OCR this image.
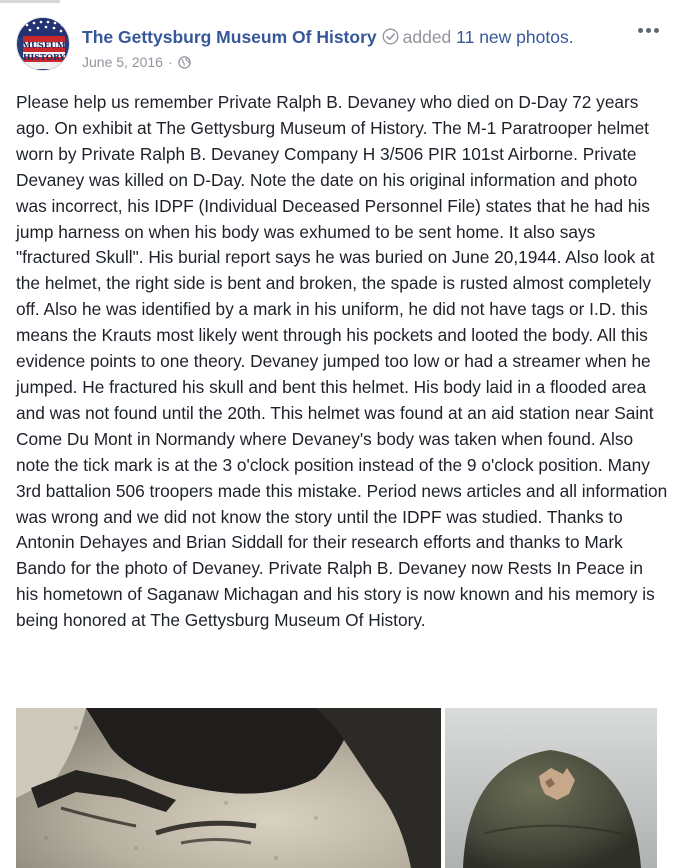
MUSEUM
HISTORY
The Gettysburg Museum Of History added 11 new photos.
June 5, 2016 ·
Please help us remember Private Ralph B. Devaney who died on D-Day 72 years ago. On exhibit at The Gettysburg Museum of History. The M-1 Paratrooper helmet worn by Private Ralph B. Devaney Company H 3/506 PIR 101st Airborne. Private Devaney was killed on D-Day. Note the date on his original information and photo was incorrect, his IDPF (Individual Deceased Personnel File) states that he had his jump harness on when his body was exhumed to be sent home. It also says "fractured Skull". His burial report says he was buried on June 20,1944. Also look at the helmet, the right side is bent and broken, the spade is rusted almost completely off. Also he was identified by a mark in his uniform, he did not have tags or I.D. this means the Krauts most likely went through his pockets and looted the body. All this evidence points to one theory. Devaney jumped too low or had a streamer when he jumped. He fractured his skull and bent this helmet. His body laid in a flooded area and was not found until the 20th. This helmet was found at an aid station near Saint Come Du Mont in Normandy where Devaney's body was taken when found. Also note the tick mark is at the 3 o'clock position instead of the 9 o'clock position. Many 3rd battalion 506 troopers made this mistake. Period news articles and all information was wrong and we did not know the story until the IDPF was studied. Thanks to Antonin Dehayes and Brian Siddall for their research efforts and thanks to Mark Bando for the photo of Devaney. Private Ralph B. Devaney now Rests In Peace in his hometown of Saganaw Michagan and his story is now known and his memory is being honored at The Gettysburg Museum Of History.
